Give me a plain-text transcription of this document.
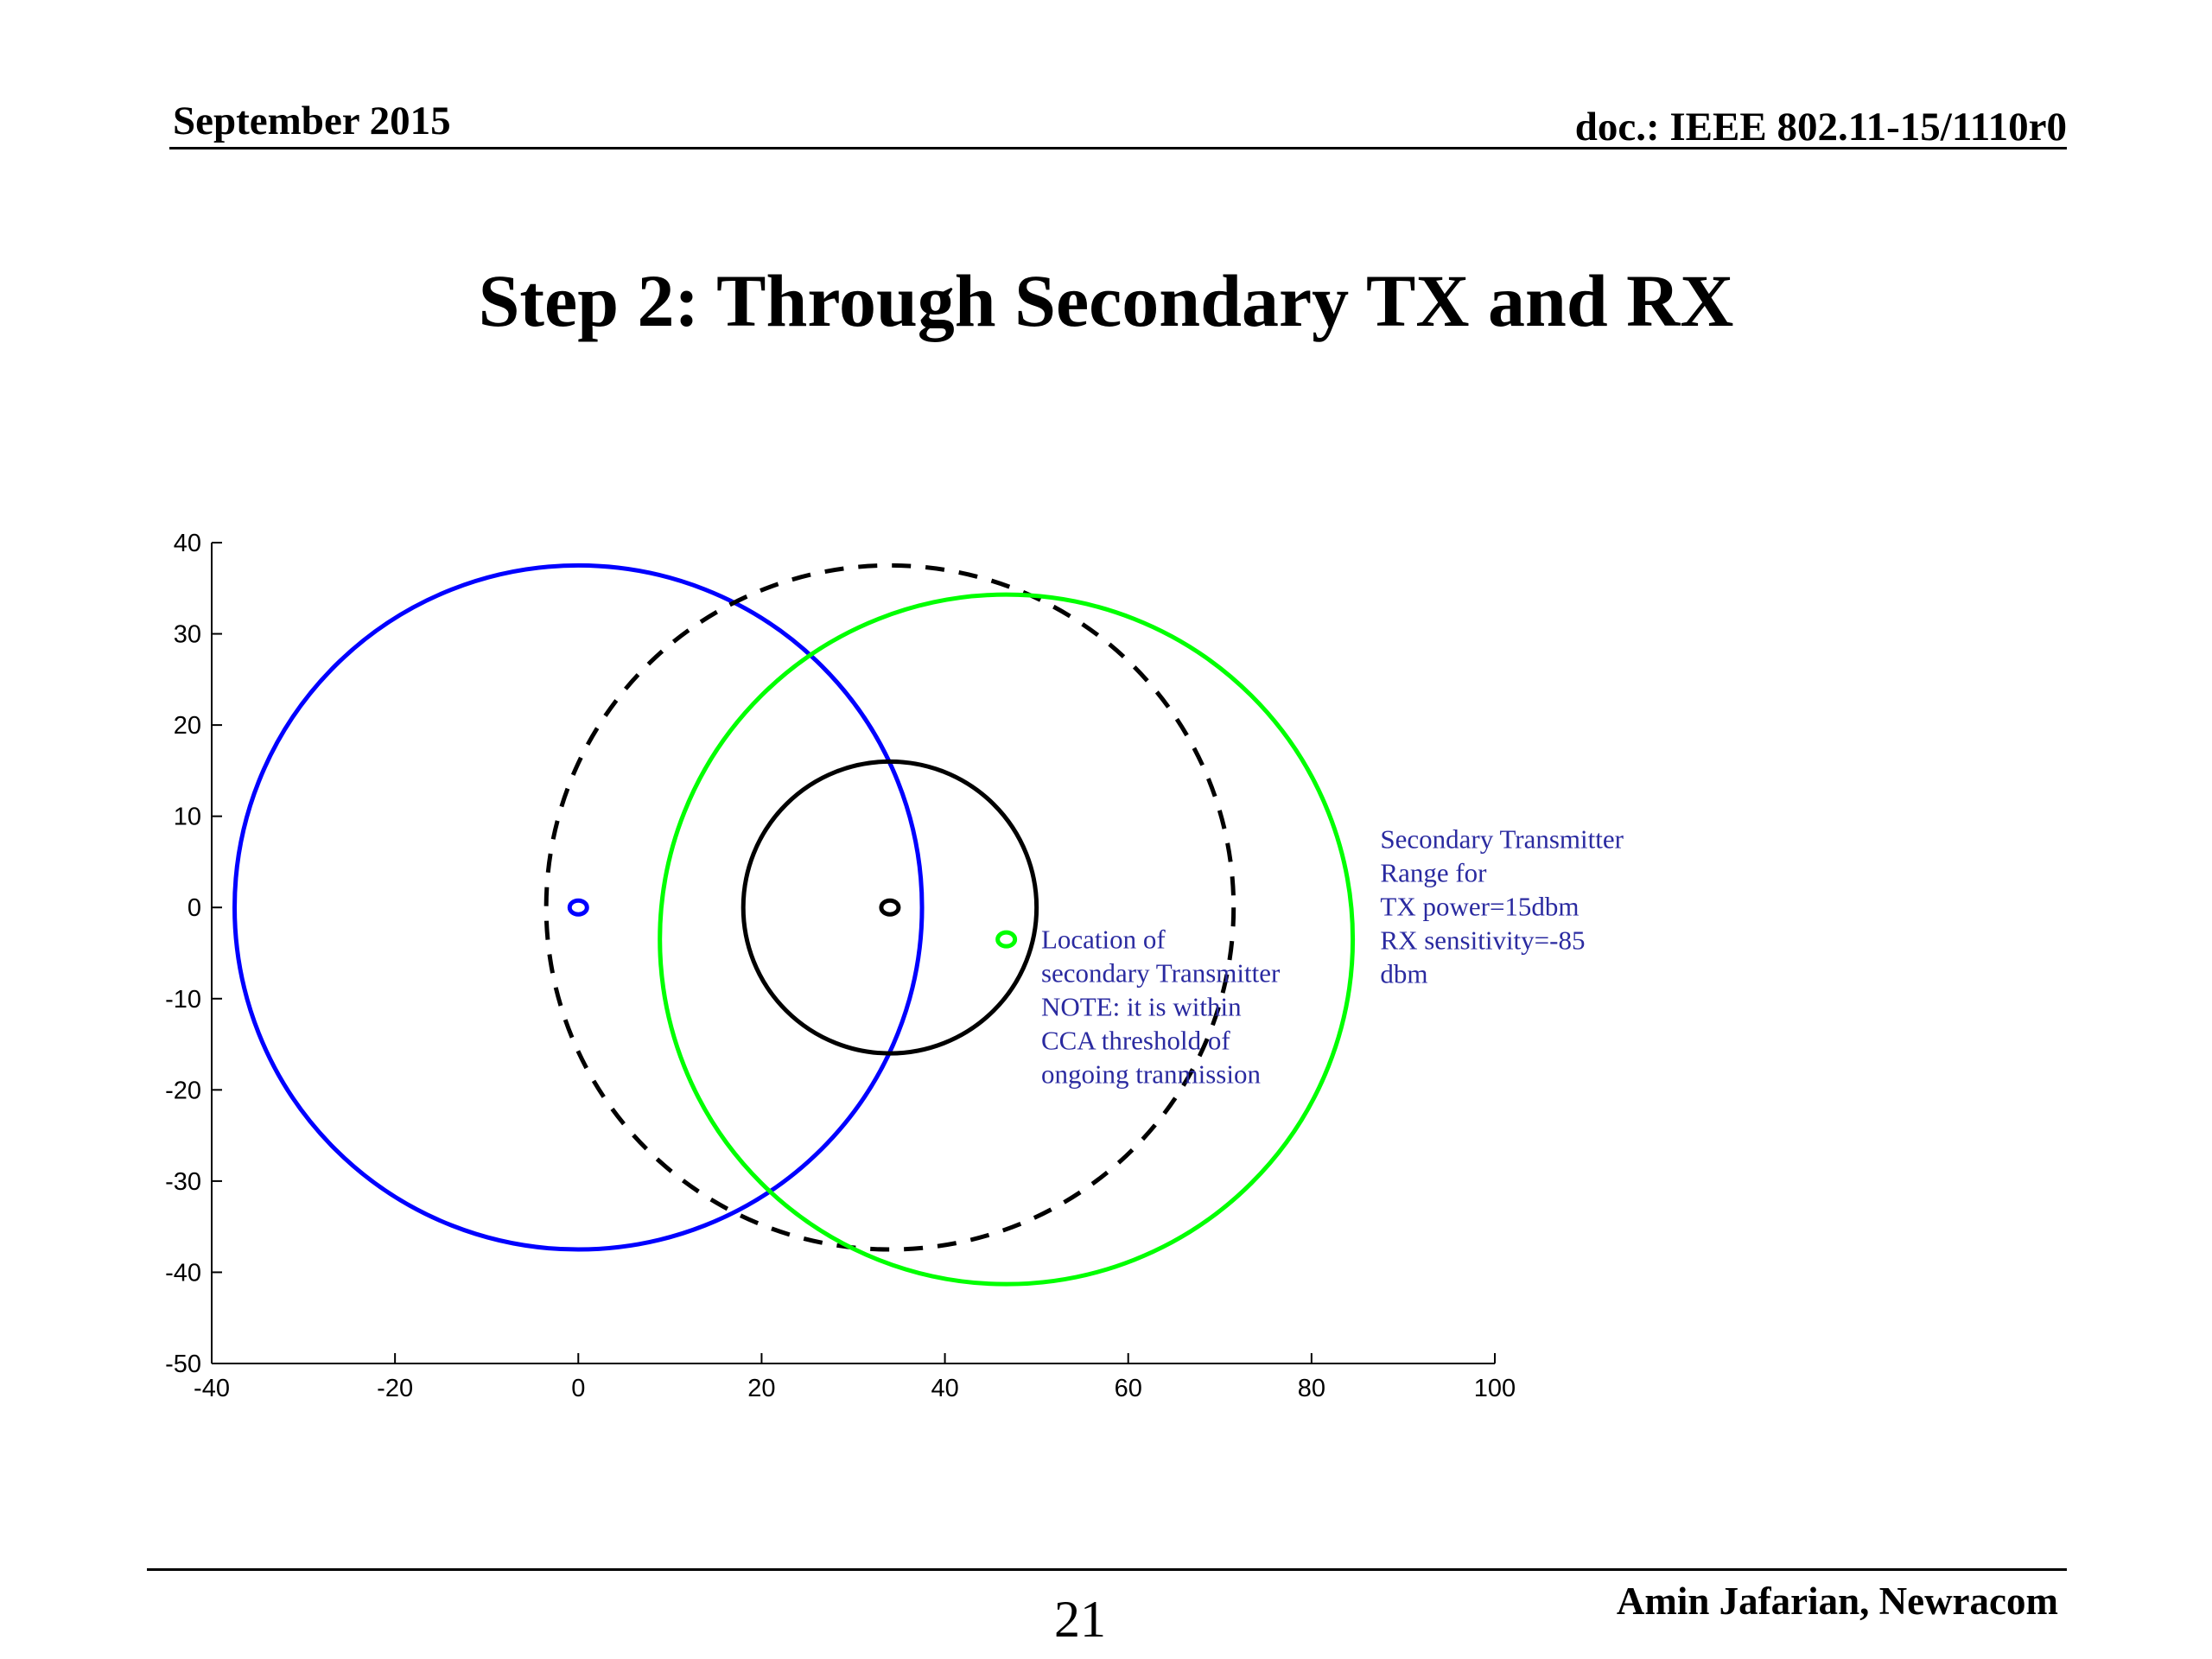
September 2015	doc.: IEEE 802.11-15/1110r0
Step 2: Through Secondary TX and RX
40
30
20
10
0
-10
-20
-30
-40
-50
-40	-20	0	20	40	60	80	100
Location of secondary Transmitter NOTE: it is within CCA threshold of ongoing tranmission
Secondary Transmitter Range for TX power=15dbm RX sensitivity=-85 dbm
21	Amin Jafarian, Newracom
